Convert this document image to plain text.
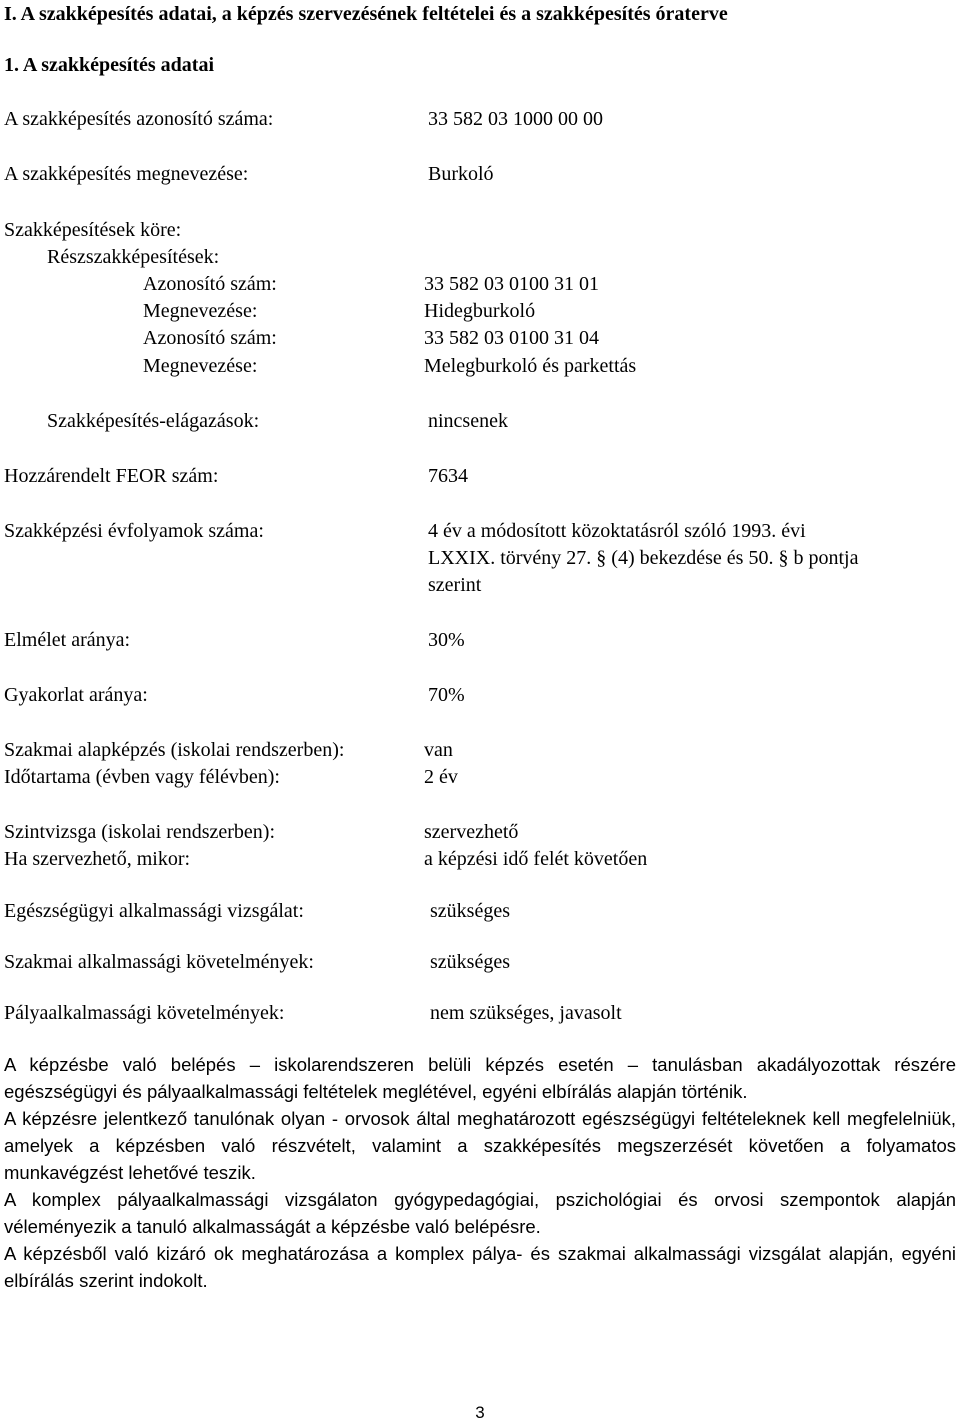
I. A szakképesítés adatai, a képzés szervezésének feltételei és a szakképesítés óraterve
1. A szakképesítés adatai
A szakképesítés azonosító száma:	33 582 03 1000 00 00
A szakképesítés megnevezése:	Burkoló
Szakképesítések köre:
Részszakképesítések:
Azonosító szám:	33 582 03 0100 31 01
Megnevezése:	Hidegburkoló
Azonosító szám:	33 582 03 0100 31 04
Megnevezése:	Melegburkoló és parkettás
Szakképesítés-elágazások:	nincsenek
Hozzárendelt FEOR szám:	7634
Szakképzési évfolyamok száma:	4 év a módosított közoktatásról szóló 1993. évi
LXXIX. törvény 27. § (4) bekezdése és 50. § b pontja
szerint
Elmélet aránya:	30%
Gyakorlat aránya:	70%
Szakmai alapképzés (iskolai rendszerben):	van
Időtartama (évben vagy félévben):	2 év
Szintvizsga (iskolai rendszerben):	szervezhető
Ha szervezhető, mikor:	a képzési idő felét követően
Egészségügyi alkalmassági vizsgálat:	szükséges
Szakmai alkalmassági követelmények:	szükséges
Pályaalkalmassági követelmények:	nem szükséges, javasolt
A képzésbe való belépés – iskolarendszeren belüli képzés esetén – tanulásban akadályozottak részére egészségügyi és pályaalkalmassági feltételek meglétével, egyéni elbírálás alapján történik.
A képzésre jelentkező tanulónak olyan - orvosok által meghatározott egészségügyi feltételeknek kell megfelelniük, amelyek a képzésben való részvételt, valamint a szakképesítés megszerzését követően a folyamatos munkavégzést lehetővé teszik.
A komplex pályaalkalmassági vizsgálaton gyógypedagógiai, pszichológiai és orvosi szempontok alapján véleményezik a tanuló alkalmasságát a képzésbe való belépésre.
A képzésből való kizáró ok meghatározása a komplex pálya- és szakmai alkalmassági vizsgálat alapján, egyéni elbírálás szerint indokolt.
3
